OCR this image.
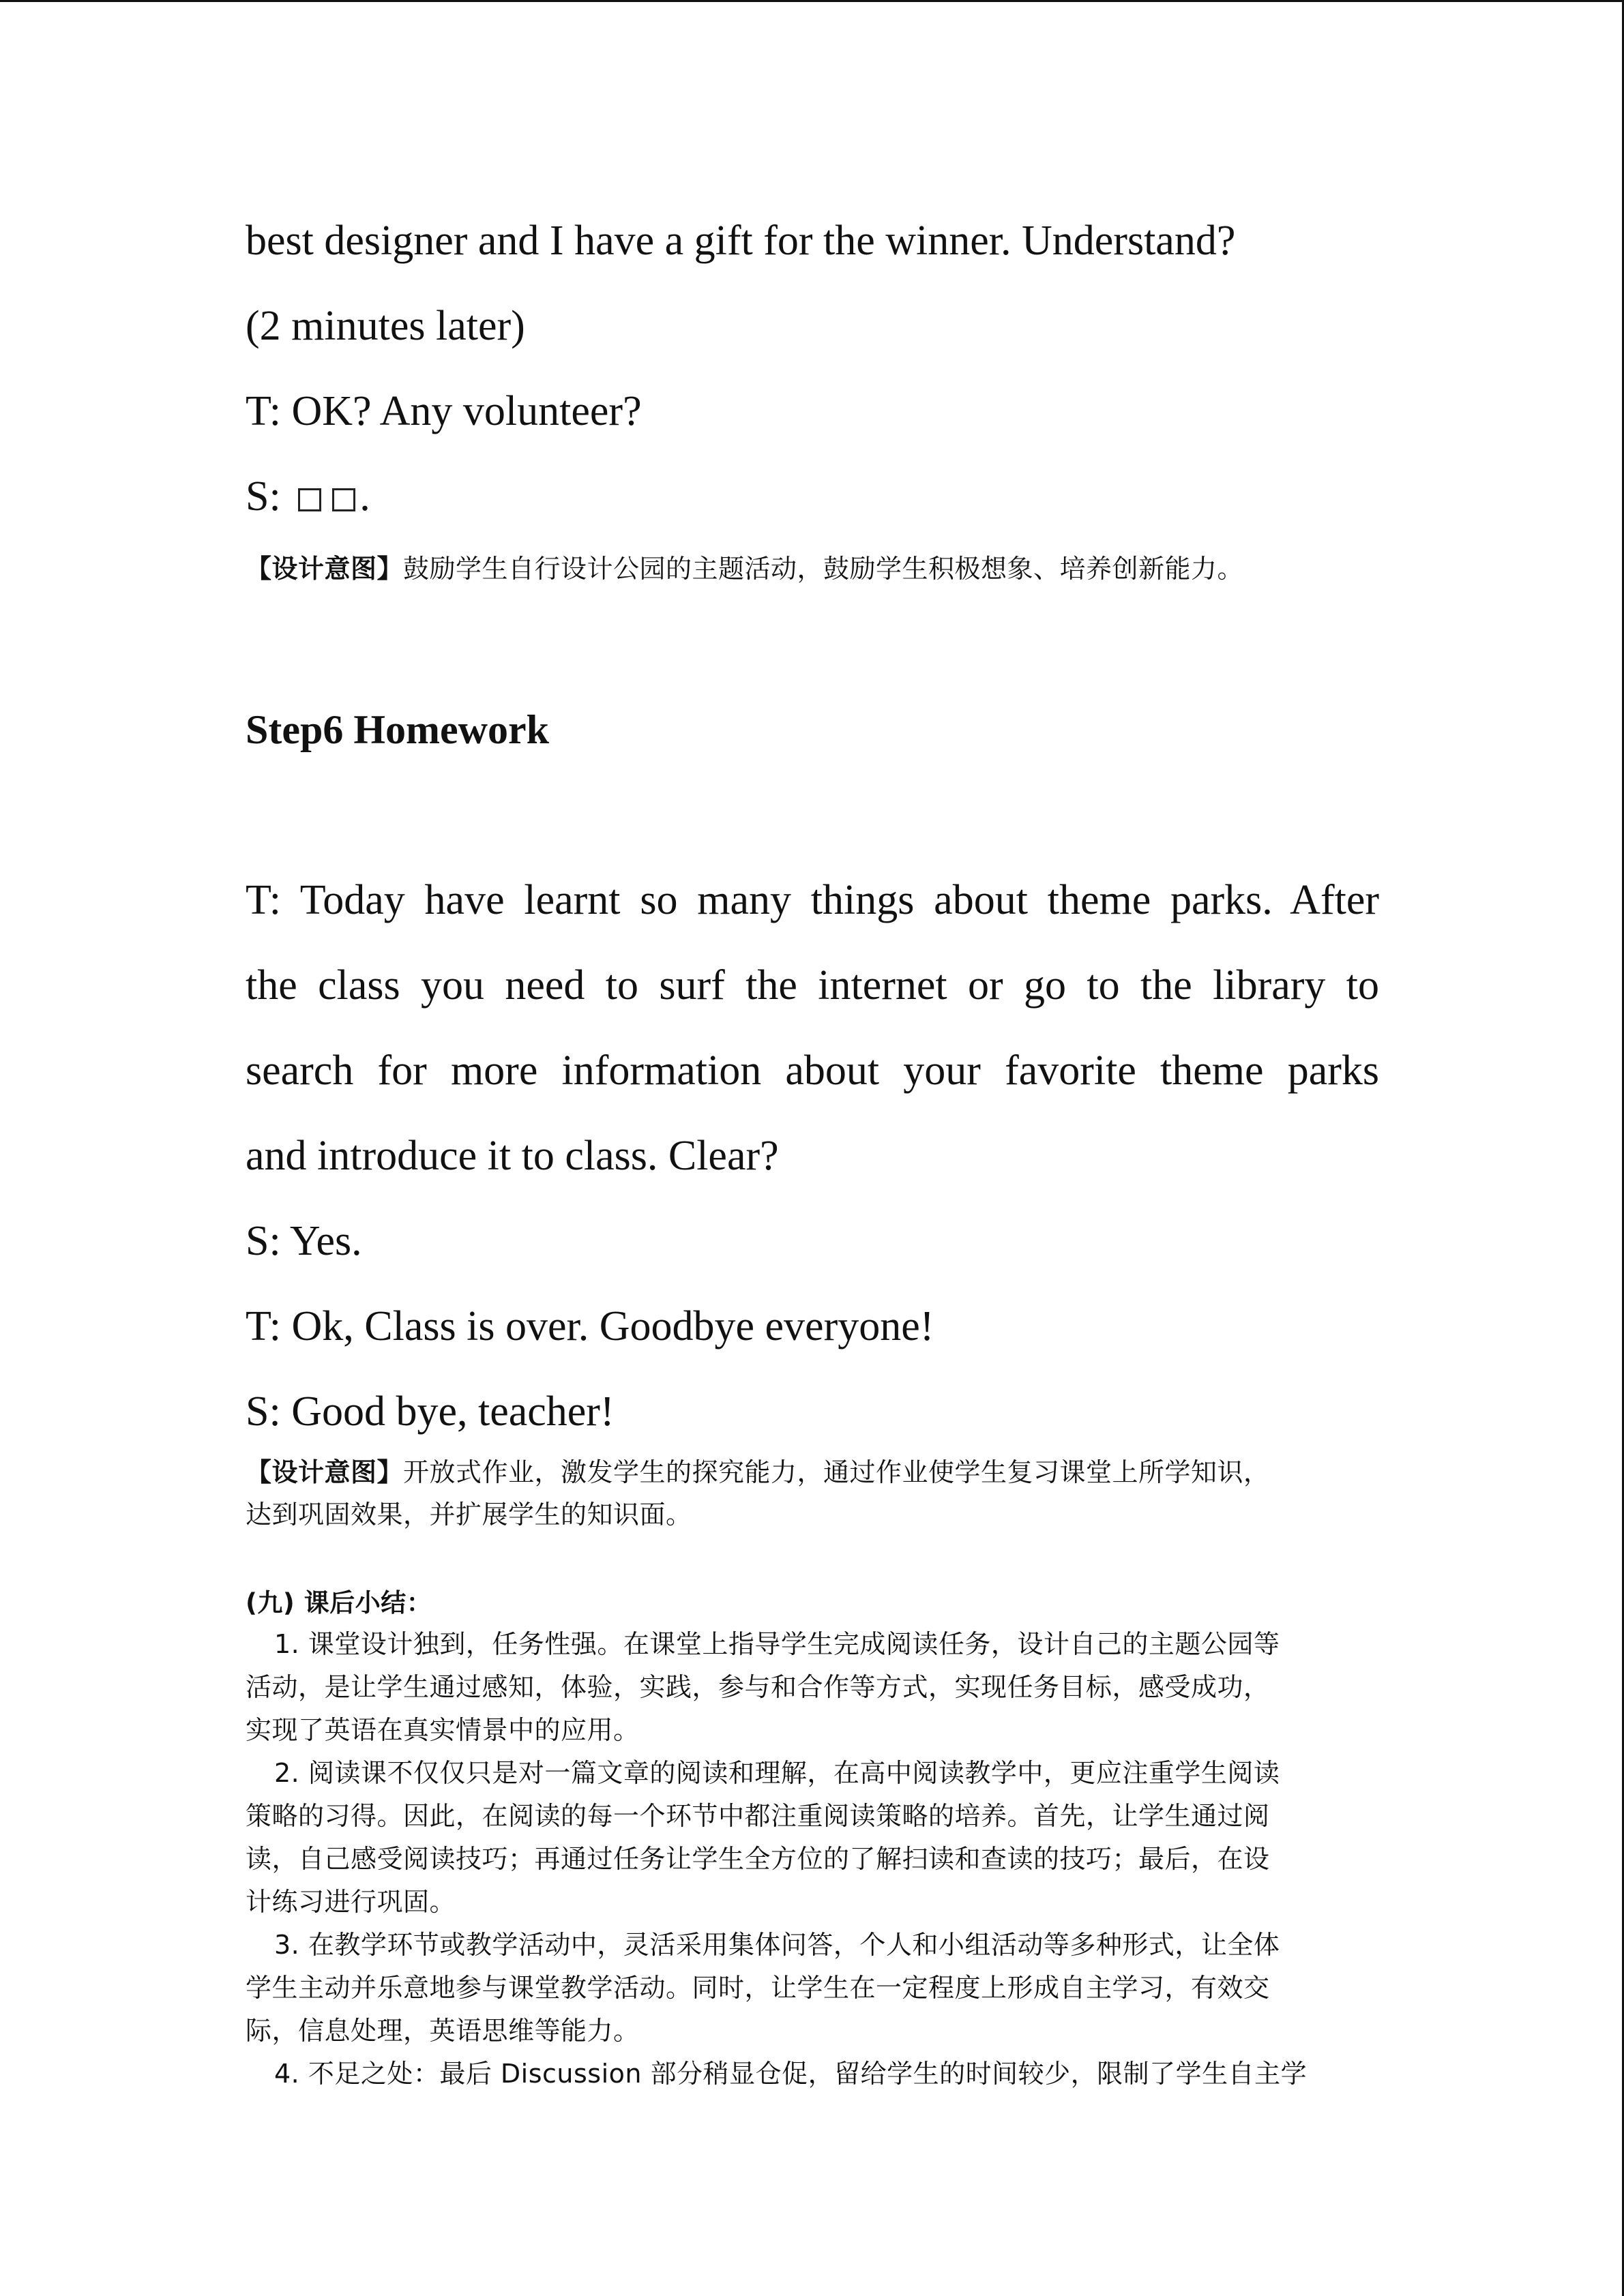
best designer and I have a gift for the winner. Understand?
(2 minutes later)
T: OK? Any volunteer?
S: .
【设计意图】鼓励学生自行设计公园的主题活动，鼓励学生积极想象、培养创新能力。
Step6 Homework
T: Today have learnt so many things about theme parks. After
the class you need to surf the internet or go to the library to
search for more information about your favorite theme parks
and introduce it to class. Clear?
S: Yes.
T: Ok, Class is over. Goodbye everyone!
S: Good bye, teacher!
【设计意图】开放式作业，激发学生的探究能力，通过作业使学生复习课堂上所学知识，
达到巩固效果，并扩展学生的知识面。
(九) 课后小结：
1. 课堂设计独到，任务性强。在课堂上指导学生完成阅读任务，设计自己的主题公园等
活动，是让学生通过感知，体验，实践，参与和合作等方式，实现任务目标，感受成功，
实现了英语在真实情景中的应用。
2. 阅读课不仅仅只是对一篇文章的阅读和理解，在高中阅读教学中，更应注重学生阅读
策略的习得。因此，在阅读的每一个环节中都注重阅读策略的培养。首先，让学生通过阅
读，自己感受阅读技巧；再通过任务让学生全方位的了解扫读和查读的技巧；最后，在设
计练习进行巩固。
3. 在教学环节或教学活动中，灵活采用集体问答，个人和小组活动等多种形式，让全体
学生主动并乐意地参与课堂教学活动。同时，让学生在一定程度上形成自主学习，有效交
际，信息处理，英语思维等能力。
4. 不足之处：最后 Discussion 部分稍显仓促，留给学生的时间较少，限制了学生自主学
